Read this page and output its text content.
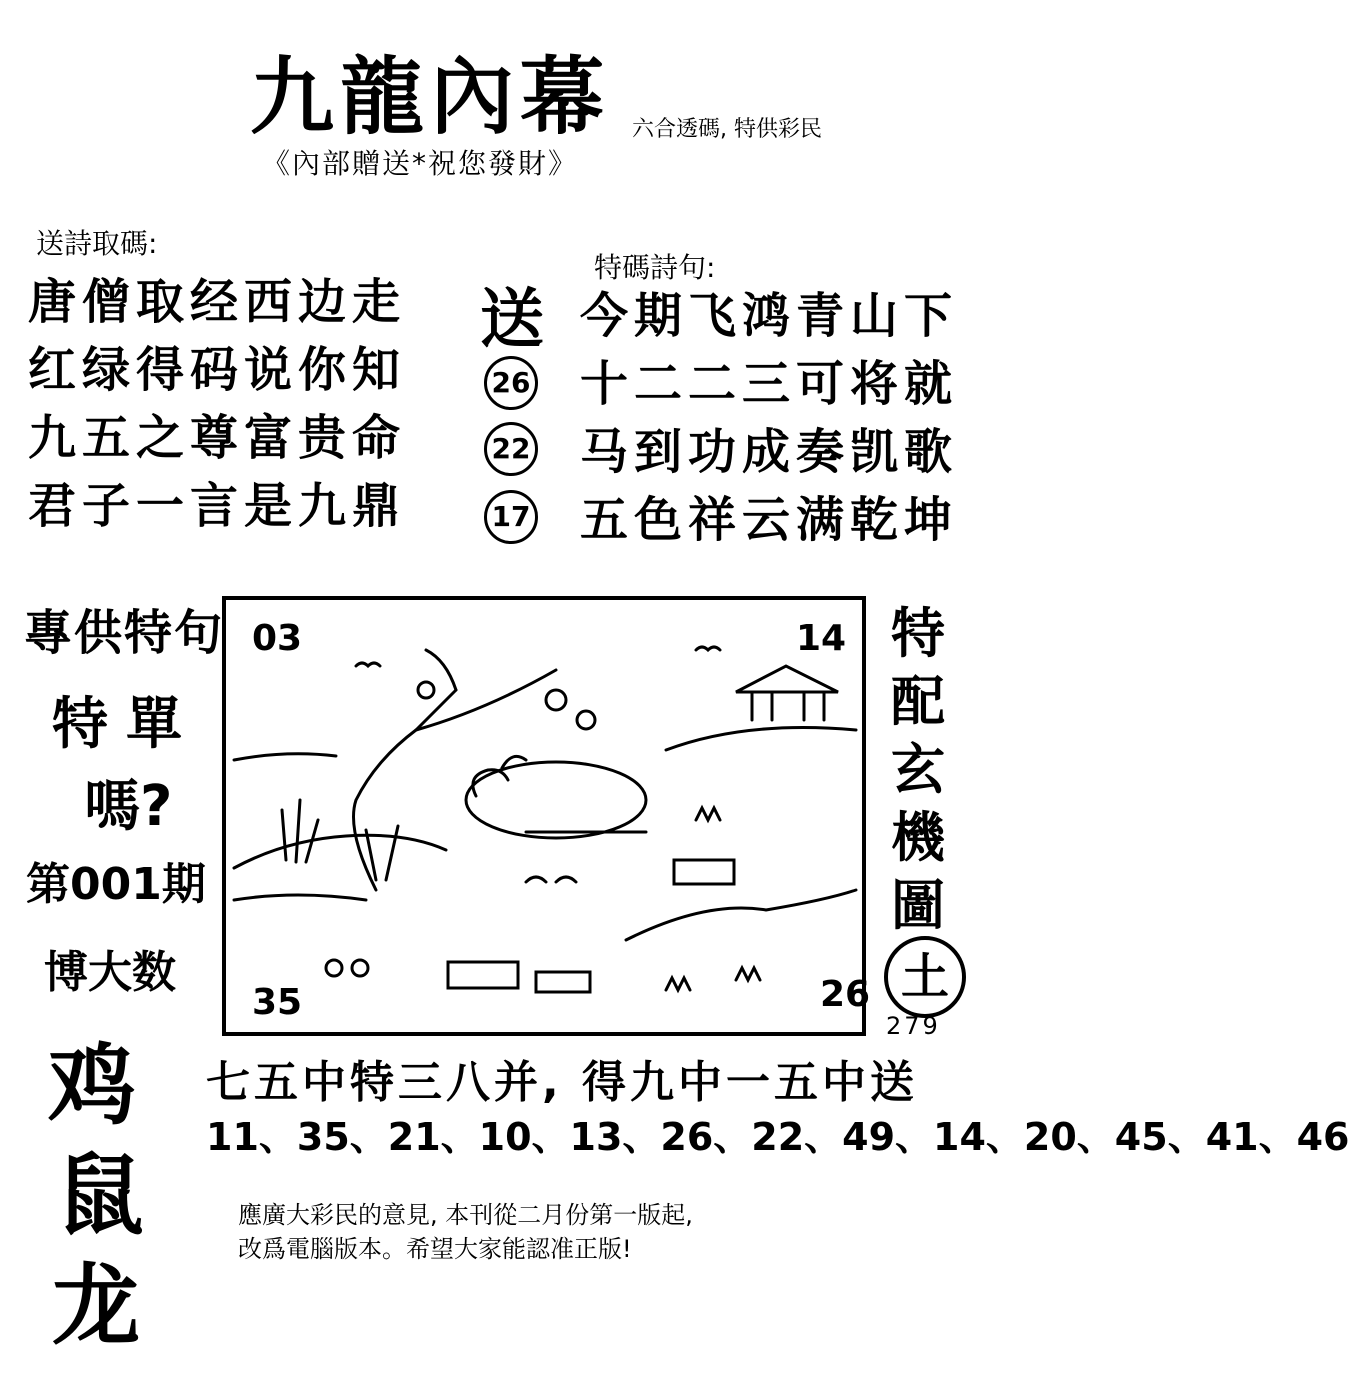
九龍內幕 六合透碼, 特供彩民
《內部贈送*祝您發財》
送詩取碼:
唐僧取经西边走
红绿得码说你知
九五之尊富贵命
君子一言是九鼎
特碼詩句:
送
26
22
17
今期飞鸿青山下
十二二三可将就
马到功成奏凯歌
五色祥云满乾坤
專供特句
特 單
嗎?
第001期
博大数
鸡
鼠
龙
03	14
35	26
特配玄機圖
土
279
七五中特三八并, 得九中一五中送
11、35、21、10、13、26、22、49、14、20、45、41、46
應廣大彩民的意見, 本刊從二月份第一版起,
改爲電腦版本。希望大家能認准正版!
